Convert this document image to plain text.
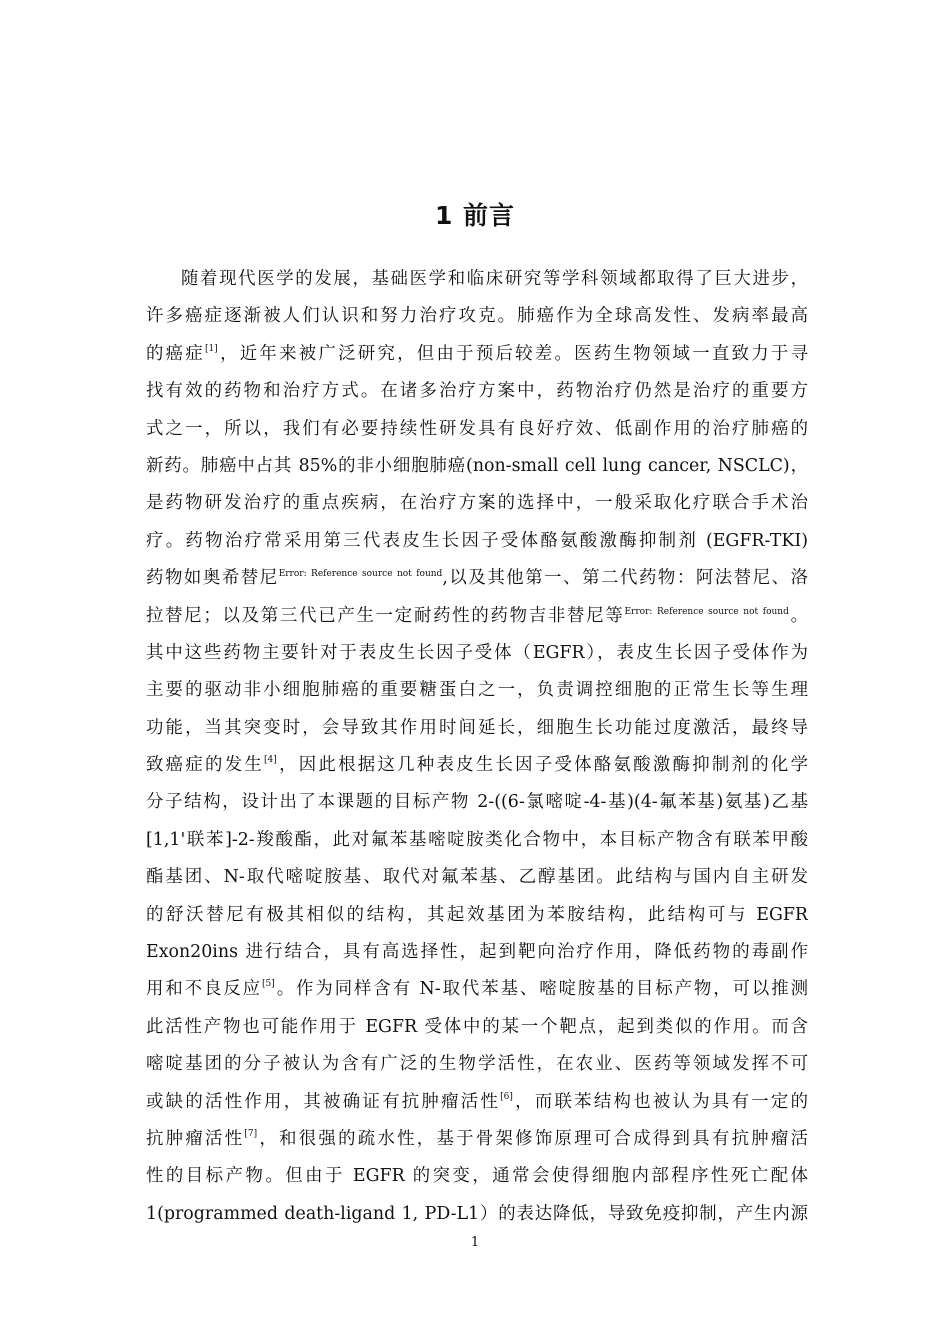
1 前言
随着现代医学的发展，基础医学和临床研究等学科领域都取得了巨大进步，
许多癌症逐渐被人们认识和努力治疗攻克。肺癌作为全球高发性、发病率最高
的癌症[1]，近年来被广泛研究，但由于预后较差。医药生物领域一直致力于寻
找有效的药物和治疗方式。在诸多治疗方案中，药物治疗仍然是治疗的重要方
式之一，所以，我们有必要持续性研发具有良好疗效、低副作用的治疗肺癌的
新药。肺癌中占其 85%的非小细胞肺癌(non-small cell lung cancer, NSCLC)，
是药物研发治疗的重点疾病，在治疗方案的选择中，一般采取化疗联合手术治
疗。药物治疗常采用第三代表皮生长因子受体酪氨酸激酶抑制剂 (EGFR-TKI)
药物如奥希替尼$^{Error: Reference source not found}$,以及其他第一、第二代药物：阿法替尼、洛
拉替尼；以及第三代已产生一定耐药性的药物吉非替尼等$^{Error: Reference source not found}$。
其中这些药物主要针对于表皮生长因子受体（EGFR），表皮生长因子受体作为
主要的驱动非小细胞肺癌的重要糖蛋白之一，负责调控细胞的正常生长等生理
功能，当其突变时，会导致其作用时间延长，细胞生长功能过度激活，最终导
致癌症的发生[4]，因此根据这几种表皮生长因子受体酪氨酸激酶抑制剂的化学
分子结构，设计出了本课题的目标产物 2-((6-氯嘧啶-4-基)(4-氟苯基)氨基)乙基
[1,1'联苯]-2-羧酸酯，此对氟苯基嘧啶胺类化合物中，本目标产物含有联苯甲酸
酯基团、N-取代嘧啶胺基、取代对氟苯基、乙醇基团。此结构与国内自主研发
的舒沃替尼有极其相似的结构，其起效基团为苯胺结构，此结构可与 EGFR
Exon20ins 进行结合，具有高选择性，起到靶向治疗作用，降低药物的毒副作
用和不良反应[5]。作为同样含有 N-取代苯基、嘧啶胺基的目标产物，可以推测
此活性产物也可能作用于 EGFR 受体中的某一个靶点，起到类似的作用。而含
嘧啶基团的分子被认为含有广泛的生物学活性，在农业、医药等领域发挥不可
或缺的活性作用，其被确证有抗肿瘤活性[6]，而联苯结构也被认为具有一定的
抗肿瘤活性[7]，和很强的疏水性，基于骨架修饰原理可合成得到具有抗肿瘤活
性的目标产物。但由于 EGFR 的突变，通常会使得细胞内部程序性死亡配体
1(programmed death-ligand 1, PD-L1）的表达降低，导致免疫抑制，产生内源
1
